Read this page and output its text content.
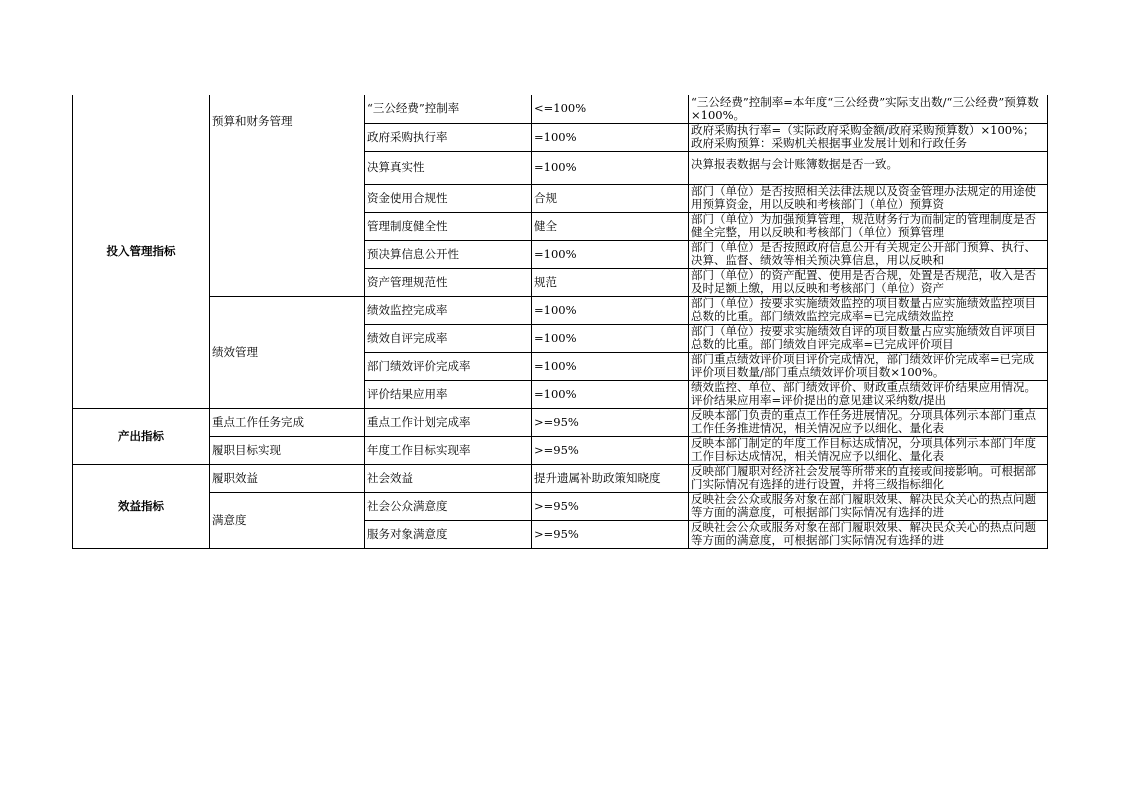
投入管理指标	预算和财务管理	“三公经费”控制率	<=100%	“三公经费”控制率=本年度“三公经费”实际支出数/“三公经费”预算数×100%。

		政府采购执行率	=100%	政府采购执行率=（实际政府采购金额/政府采购预算数）×100%；政府采购预算：采购机关根据事业发展计划和行政任务

		决算真实性	=100%	决算报表数据与会计账簿数据是否一致。

		资金使用合规性	合规	部门（单位）是否按照相关法律法规以及资金管理办法规定的用途使用预算资金，用以反映和考核部门（单位）预算资

		管理制度健全性	健全	部门（单位）为加强预算管理，规范财务行为而制定的管理制度是否健全完整，用以反映和考核部门（单位）预算管理

		预决算信息公开性	=100%	部门（单位）是否按照政府信息公开有关规定公开部门预算、执行、决算、监督、绩效等相关预决算信息，用以反映和

		资产管理规范性	规范	部门（单位）的资产配置、使用是否合规，处置是否规范，收入是否及时足额上缴，用以反映和考核部门（单位）资产

	绩效管理	绩效监控完成率	=100%	部门（单位）按要求实施绩效监控的项目数量占应实施绩效监控项目总数的比重。部门绩效监控完成率=已完成绩效监控

		绩效自评完成率	=100%	部门（单位）按要求实施绩效自评的项目数量占应实施绩效自评项目总数的比重。部门绩效自评完成率=已完成评价项目

		部门绩效评价完成率	=100%	部门重点绩效评价项目评价完成情况，部门绩效评价完成率=已完成评价项目数量/部门重点绩效评价项目数×100%。

		评价结果应用率	=100%	绩效监控、单位、部门绩效评价、财政重点绩效评价结果应用情况。评价结果应用率=评价提出的意见建议采纳数/提出

产出指标	重点工作任务完成	重点工作计划完成率	>=95%	反映本部门负责的重点工作任务进展情况。分项具体列示本部门重点工作任务推进情况，相关情况应予以细化、量化表

	履职目标实现	年度工作目标实现率	>=95%	反映本部门制定的年度工作目标达成情况，分项具体列示本部门年度工作目标达成情况，相关情况应予以细化、量化表

效益指标	履职效益	社会效益	提升遗属补助政策知晓度	反映部门履职对经济社会发展等所带来的直接或间接影响。可根据部门实际情况有选择的进行设置，并将三级指标细化

	满意度	社会公众满意度	>=95%	反映社会公众或服务对象在部门履职效果、解决民众关心的热点问题等方面的满意度，可根据部门实际情况有选择的进

		服务对象满意度	>=95%	反映社会公众或服务对象在部门履职效果、解决民众关心的热点问题等方面的满意度，可根据部门实际情况有选择的进
